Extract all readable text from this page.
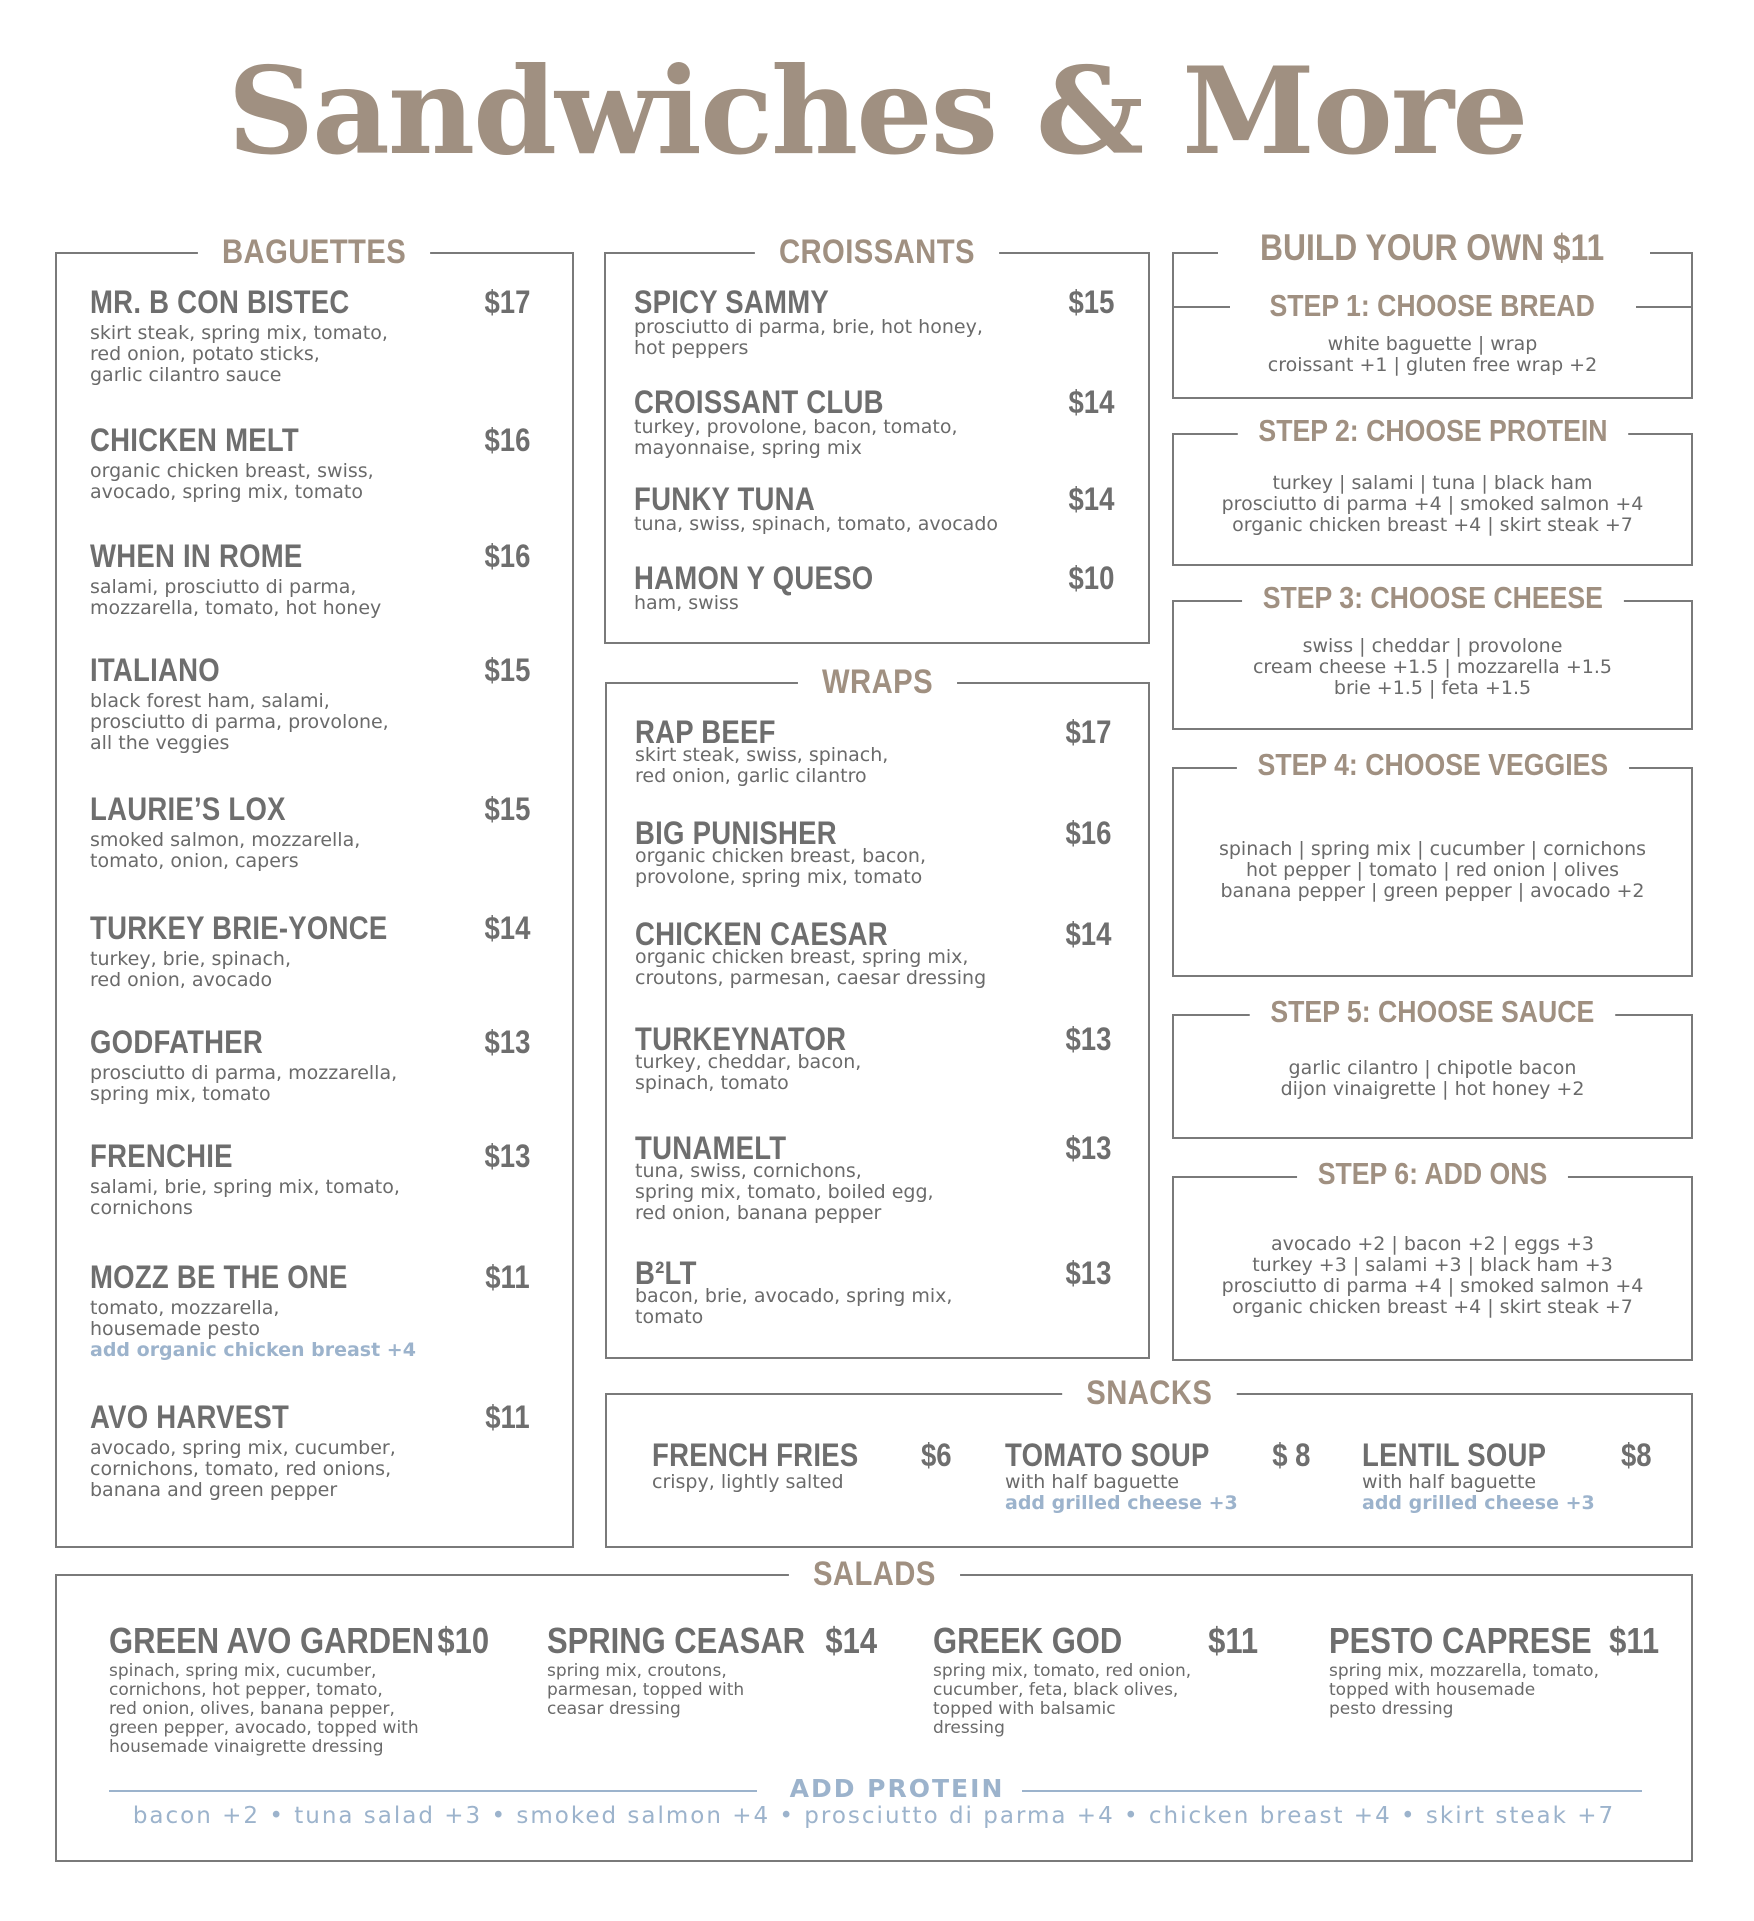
Sandwiches & More
BAGUETTES
MR. B CON BISTEC	$17
skirt steak, spring mix, tomato,
red onion, potato sticks,
garlic cilantro sauce
CHICKEN MELT	$16
organic chicken breast, swiss,
avocado, spring mix, tomato
WHEN IN ROME	$16
salami, prosciutto di parma,
mozzarella, tomato, hot honey
ITALIANO	$15
black forest ham, salami,
prosciutto di parma, provolone,
all the veggies
LAURIE’S LOX	$15
smoked salmon, mozzarella,
tomato, onion, capers
TURKEY BRIE-YONCE	$14
turkey, brie, spinach,
red onion, avocado
GODFATHER	$13
prosciutto di parma, mozzarella,
spring mix, tomato
FRENCHIE	$13
salami, brie, spring mix, tomato,
cornichons
MOZZ BE THE ONE	$11
tomato, mozzarella,
housemade pesto
add organic chicken breast +4
AVO HARVEST	$11
avocado, spring mix, cucumber,
cornichons, tomato, red onions,
banana and green pepper
CROISSANTS
SPICY SAMMY	$15
prosciutto di parma, brie, hot honey,
hot peppers
CROISSANT CLUB	$14
turkey, provolone, bacon, tomato,
mayonnaise, spring mix
FUNKY TUNA	$14
tuna, swiss, spinach, tomato, avocado
HAMON Y QUESO	$10
ham, swiss
WRAPS
RAP BEEF	$17
skirt steak, swiss, spinach,
red onion, garlic cilantro
BIG PUNISHER	$16
organic chicken breast, bacon,
provolone, spring mix, tomato
CHICKEN CAESAR	$14
organic chicken breast, spring mix,
croutons, parmesan, caesar dressing
TURKEYNATOR	$13
turkey, cheddar, bacon,
spinach, tomato
TUNAMELT	$13
tuna, swiss, cornichons,
spring mix, tomato, boiled egg,
red onion, banana pepper
B²LT	$13
bacon, brie, avocado, spring mix,
tomato
BUILD YOUR OWN $11
STEP 1: CHOOSE BREAD
white baguette | wrap
croissant +1 | gluten free wrap +2
STEP 2: CHOOSE PROTEIN
turkey | salami | tuna | black ham
prosciutto di parma +4 | smoked salmon +4
organic chicken breast +4 | skirt steak +7
STEP 3: CHOOSE CHEESE
swiss | cheddar | provolone
cream cheese +1.5 | mozzarella +1.5
brie +1.5 | feta +1.5
STEP 4: CHOOSE VEGGIES
spinach | spring mix | cucumber | cornichons
hot pepper | tomato | red onion | olives
banana pepper | green pepper | avocado +2
STEP 5: CHOOSE SAUCE
garlic cilantro | chipotle bacon
dijon vinaigrette | hot honey +2
STEP 6: ADD ONS
avocado +2 | bacon +2 | eggs +3
turkey +3 | salami +3 | black ham +3
prosciutto di parma +4 | smoked salmon +4
organic chicken breast +4 | skirt steak +7
SNACKS
FRENCH FRIES $6
crispy, lightly salted
TOMATO SOUP $ 8
with half baguette
add grilled cheese +3
LENTIL SOUP $8
with half baguette
add grilled cheese +3
SALADS
GREEN AVO GARDEN $10
spinach, spring mix, cucumber,
cornichons, hot pepper, tomato,
red onion, olives, banana pepper,
green pepper, avocado, topped with
housemade vinaigrette dressing
SPRING CEASAR $14
spring mix, croutons,
parmesan, topped with
ceasar dressing
GREEK GOD $11
spring mix, tomato, red onion,
cucumber, feta, black olives,
topped with balsamic
dressing
PESTO CAPRESE $11
spring mix, mozzarella, tomato,
topped with housemade
pesto dressing
ADD PROTEIN
bacon +2 • tuna salad +3 • smoked salmon +4 • prosciutto di parma +4 • chicken breast +4 • skirt steak +7
